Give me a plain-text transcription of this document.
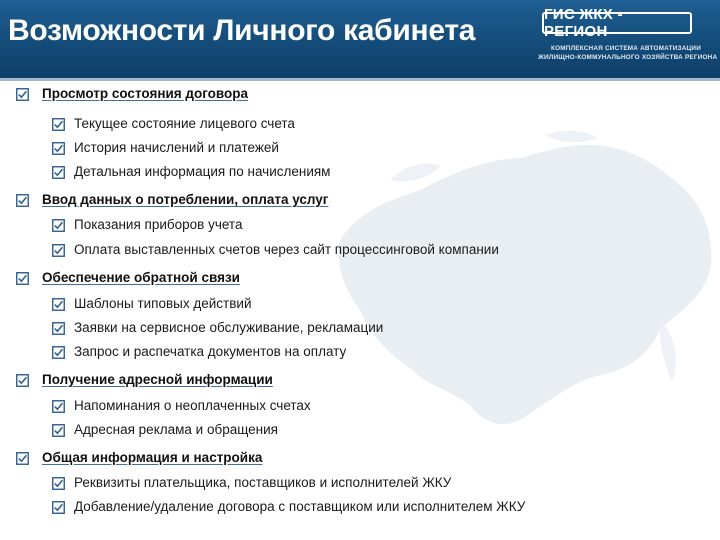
Возможности Личного кабинета	ГИС ЖКХ - РЕГИОН
КОМПЛЕКСНАЯ СИСТЕМА АВТОМАТИЗАЦИИ
ЖИЛИЩНО-КОММУНАЛЬНОГО ХОЗЯЙСТВА РЕГИОНА
Просмотр состояния договора
Текущее состояние лицевого счета
История начислений и платежей
Детальная информация по начислениям
Ввод данных о потреблении, оплата услуг
Показания приборов учета
Оплата выставленных счетов через сайт процессинговой компании
Обеспечение обратной связи
Шаблоны типовых действий
Заявки на сервисное обслуживание, рекламации
Запрос и распечатка документов на оплату
Получение адресной информации
Напоминания о неоплаченных счетах
Адресная реклама и обращения
Общая информация и настройка
Реквизиты плательщика, поставщиков и исполнителей ЖКУ
Добавление/удаление договора с поставщиком или исполнителем ЖКУ
